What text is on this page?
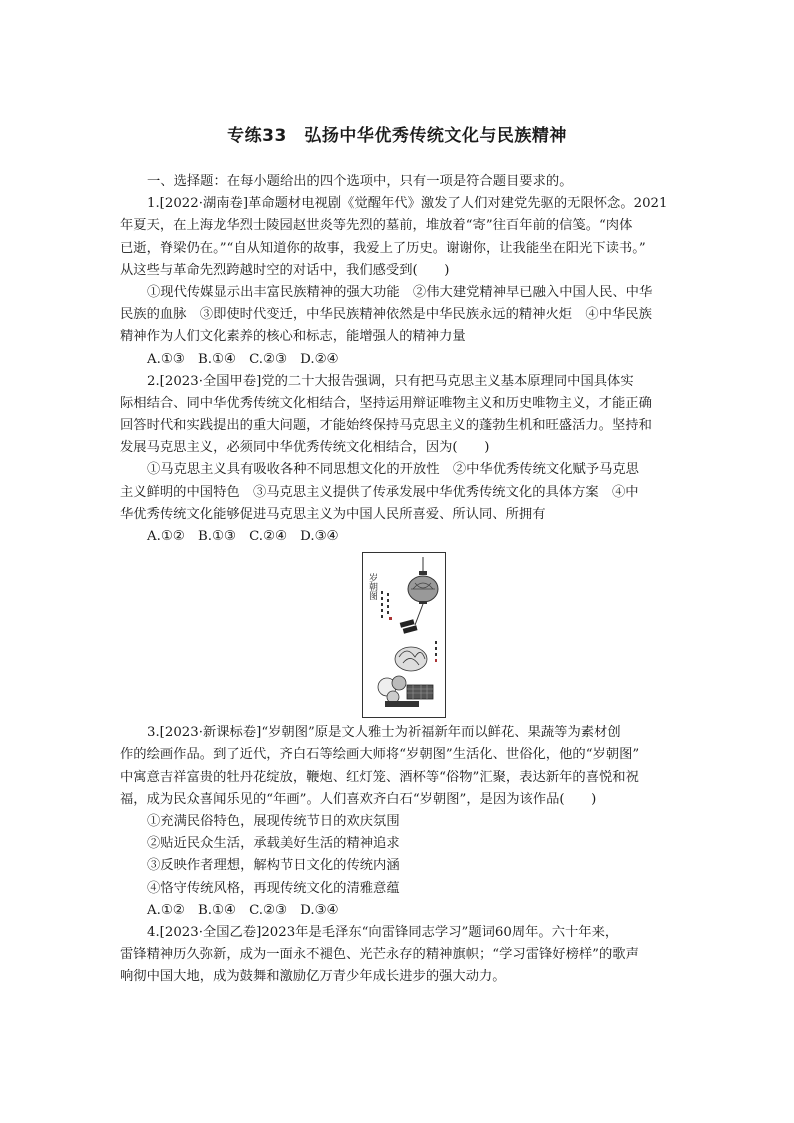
专练33　弘扬中华优秀传统文化与民族精神
一、选择题：在每小题给出的四个选项中，只有一项是符合题目要求的。
1.[2022·湖南卷]革命题材电视剧《觉醒年代》激发了人们对建党先驱的无限怀念。2021
年夏天，在上海龙华烈士陵园赵世炎等先烈的墓前，堆放着“寄”往百年前的信笺。“肉体
已逝，脊梁仍在。”“自从知道你的故事，我爱上了历史。谢谢你，让我能坐在阳光下读书。”
从这些与革命先烈跨越时空的对话中，我们感受到(　　)
①现代传媒显示出丰富民族精神的强大功能　②伟大建党精神早已融入中国人民、中华
民族的血脉　③即使时代变迁，中华民族精神依然是中华民族永远的精神火炬　④中华民族
精神作为人们文化素养的核心和标志，能增强人的精神力量
A.①③　B.①④　C.②③　D.②④
2.[2023·全国甲卷]党的二十大报告强调，只有把马克思主义基本原理同中国具体实
际相结合、同中华优秀传统文化相结合，坚持运用辩证唯物主义和历史唯物主义，才能正确
回答时代和实践提出的重大问题，才能始终保持马克思主义的蓬勃生机和旺盛活力。坚持和
发展马克思主义，必须同中华优秀传统文化相结合，因为(　　)
①马克思主义具有吸收各种不同思想文化的开放性　②中华优秀传统文化赋予马克思
主义鲜明的中国特色　③马克思主义提供了传承发展中华优秀传统文化的具体方案　④中
华优秀传统文化能够促进马克思主义为中国人民所喜爱、所认同、所拥有
A.①②　B.①③　C.②④　D.③④
岁朝图
3.[2023·新课标卷]“岁朝图”原是文人雅士为祈福新年而以鲜花、果蔬等为素材创
作的绘画作品。到了近代，齐白石等绘画大师将“岁朝图”生活化、世俗化，他的“岁朝图”
中寓意吉祥富贵的牡丹花绽放，鞭炮、红灯笼、酒杯等“俗物”汇聚，表达新年的喜悦和祝
福，成为民众喜闻乐见的“年画”。人们喜欢齐白石“岁朝图”，是因为该作品(　　)
①充满民俗特色，展现传统节日的欢庆氛围
②贴近民众生活，承载美好生活的精神追求
③反映作者理想，解构节日文化的传统内涵
④恪守传统风格，再现传统文化的清雅意蕴
A.①②　B.①④　C.②③　D.③④
4.[2023·全国乙卷]2023年是毛泽东“向雷锋同志学习”题词60周年。六十年来，
雷锋精神历久弥新，成为一面永不褪色、光芒永存的精神旗帜；“学习雷锋好榜样”的歌声
响彻中国大地，成为鼓舞和激励亿万青少年成长进步的强大动力。
